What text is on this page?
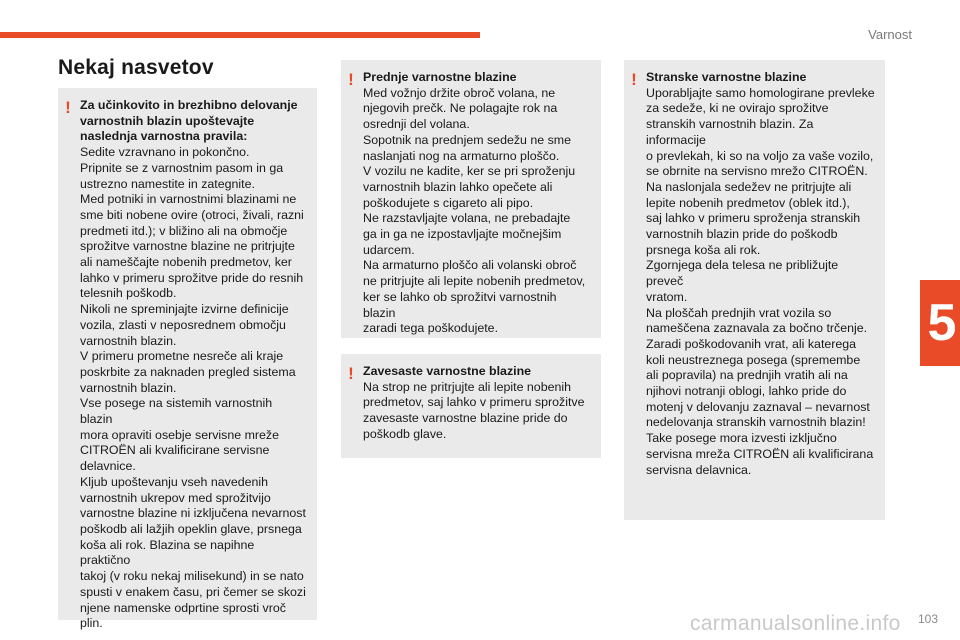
Varnost
5
Nekaj nasvetov
! Za učinkovito in brezhibno delovanje
varnostnih blazin upoštevajte
naslednja varnostna pravila:

Sedite vzravnano in pokončno.
Pripnite se z varnostnim pasom in ga
ustrezno namestite in zategnite.
Med potniki in varnostnimi blazinami ne
sme biti nobene ovire (otroci, živali, razni
predmeti itd.); v bližino ali na območje
sprožitve varnostne blazine ne pritrjujte
ali nameščajte nobenih predmetov, ker
lahko v primeru sprožitve pride do resnih
telesnih poškodb.
Nikoli ne spreminjajte izvirne definicije
vozila, zlasti v neposrednem območju
varnostnih blazin.
V primeru prometne nesreče ali kraje
poskrbite za naknaden pregled sistema
varnostnih blazin.
Vse posege na sistemih varnostnih blazin
mora opraviti osebje servisne mreže
CITROËN ali kvalificirane servisne
delavnice.
Kljub upoštevanju vseh navedenih
varnostnih ukrepov med sprožitvijo
varnostne blazine ni izključena nevarnost
poškodb ali lažjih opeklin glave, prsnega
koša ali rok. Blazina se napihne praktično
takoj (v roku nekaj milisekund) in se nato
spusti v enakem času, pri čemer se skozi
njene namenske odprtine sprosti vroč plin.

! Prednje varnostne blazine

Med vožnjo držite obroč volana, ne
njegovih prečk. Ne polagajte rok na
osrednji del volana.
Sopotnik na prednjem sedežu ne sme
naslanjati nog na armaturno ploščo.
V vozilu ne kadite, ker se pri sproženju
varnostnih blazin lahko opečete ali
poškodujete s cigareto ali pipo.
Ne razstavljajte volana, ne prebadajte
ga in ga ne izpostavljajte močnejšim
udarcem.
Na armaturno ploščo ali volanski obroč
ne pritrjujte ali lepite nobenih predmetov,
ker se lahko ob sprožitvi varnostnih blazin
zaradi tega poškodujete.

! Zavesaste varnostne blazine

Na strop ne pritrjujte ali lepite nobenih
predmetov, saj lahko v primeru sprožitve
zavesaste varnostne blazine pride do
poškodb glave.

! Stranske varnostne blazine

Uporabljajte samo homologirane prevleke
za sedeže, ki ne ovirajo sprožitve
stranskih varnostnih blazin. Za informacije
o prevlekah, ki so na voljo za vaše vozilo,
se obrnite na servisno mrežo CITROËN.
Na naslonjala sedežev ne pritrjujte ali
lepite nobenih predmetov (oblek itd.),
saj lahko v primeru sproženja stranskih
varnostnih blazin pride do poškodb
prsnega koša ali rok.
Zgornjega dela telesa ne približujte preveč
vratom.
Na ploščah prednjih vrat vozila so
nameščena zaznavala za bočno trčenje.
Zaradi poškodovanih vrat, ali katerega
koli neustreznega posega (spremembe
ali popravila) na prednjih vratih ali na
njihovi notranji oblogi, lahko pride do
motenj v delovanju zaznaval – nevarnost
nedelovanja stranskih varnostnih blazin!
Take posege mora izvesti izključno
servisna mreža CITROËN ali kvalificirana
servisna delavnica.

carmanualsonline.info 103
